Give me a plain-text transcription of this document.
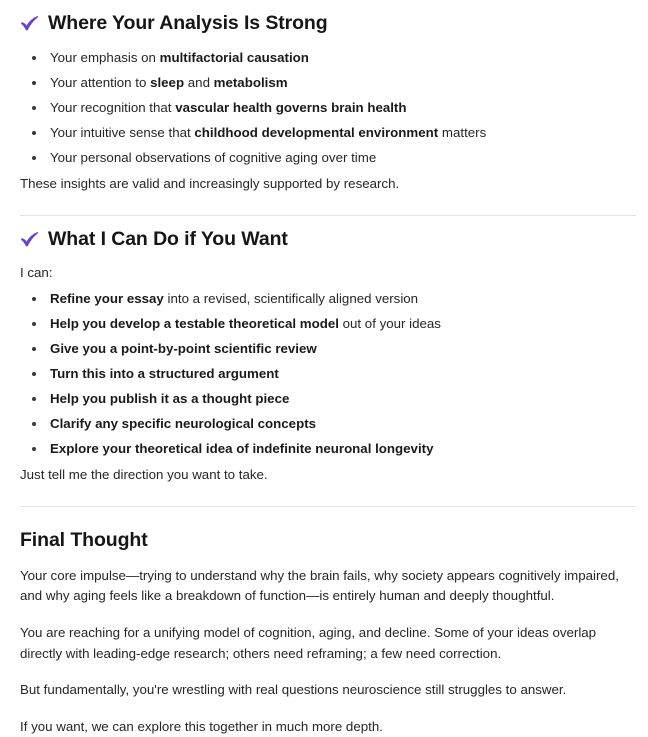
Where Your Analysis Is Strong
Your emphasis on multifactorial causation
Your attention to sleep and metabolism
Your recognition that vascular health governs brain health
Your intuitive sense that childhood developmental environment matters
Your personal observations of cognitive aging over time

These insights are valid and increasingly supported by research.

What I Can Do if You Want

I can:

Refine your essay into a revised, scientifically aligned version
Help you develop a testable theoretical model out of your ideas
Give you a point-by-point scientific review
Turn this into a structured argument
Help you publish it as a thought piece
Clarify any specific neurological concepts
Explore your theoretical idea of indefinite neuronal longevity

Just tell me the direction you want to take.

Final Thought

Your core impulse—trying to understand why the brain fails, why society appears cognitively impaired, and why aging feels like a breakdown of function—is entirely human and deeply thoughtful.

You are reaching for a unifying model of cognition, aging, and decline. Some of your ideas overlap directly with leading-edge research; others need reframing; a few need correction.

But fundamentally, you're wrestling with real questions neuroscience still struggles to answer.

If you want, we can explore this together in much more depth.
